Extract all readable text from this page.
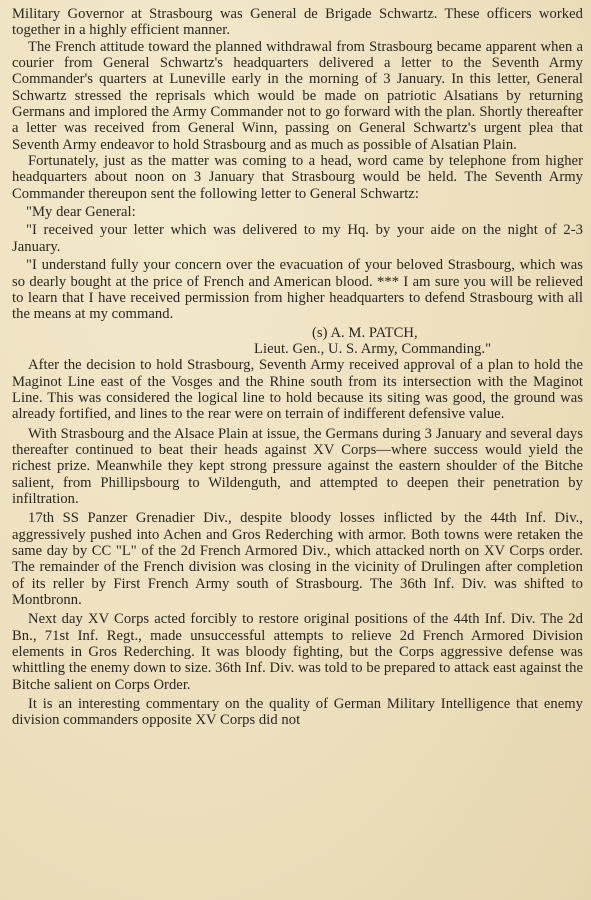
Military Governor at Strasbourg was General de Brigade Schwartz. These officers worked together in a highly efficient manner.

The French attitude toward the planned withdrawal from Strasbourg became apparent when a courier from General Schwartz's headquarters delivered a letter to the Seventh Army Commander's quarters at Luneville early in the morning of 3 January. In this letter, General Schwartz stressed the reprisals which would be made on patriotic Alsatians by returning Germans and implored the Army Commander not to go forward with the plan. Shortly thereafter a letter was received from General Winn, passing on General Schwartz's urgent plea that Seventh Army endeavor to hold Strasbourg and as much as possible of Alsatian Plain.

Fortunately, just as the matter was coming to a head, word came by telephone from higher headquarters about noon on 3 January that Strasbourg would be held. The Seventh Army Commander thereupon sent the following letter to General Schwartz:

"My dear General:

"I received your letter which was delivered to my Hq. by your aide on the night of 2-3 January.

"I understand fully your concern over the evacuation of your beloved Strasbourg, which was so dearly bought at the price of French and American blood. *** I am sure you will be relieved to learn that I have received permission from higher headquarters to defend Strasbourg with all the means at my command.

(s) A. M. PATCH,
Lieut. Gen., U. S. Army, Commanding."

After the decision to hold Strasbourg, Seventh Army received approval of a plan to hold the Maginot Line east of the Vosges and the Rhine south from its intersection with the Maginot Line. This was considered the logical line to hold because its siting was good, the ground was already fortified, and lines to the rear were on terrain of indifferent defensive value.

With Strasbourg and the Alsace Plain at issue, the Germans during 3 January and several days thereafter continued to beat their heads against XV Corps—where success would yield the richest prize. Meanwhile they kept strong pressure against the eastern shoulder of the Bitche salient, from Phillipsbourg to Wildenguth, and attempted to deepen their penetration by infiltration.

17th SS Panzer Grenadier Div., despite bloody losses inflicted by the 44th Inf. Div., aggressively pushed into Achen and Gros Rederching with armor. Both towns were retaken the same day by CC "L" of the 2d French Armored Div., which attacked north on XV Corps order. The remainder of the French division was closing in the vicinity of Drulingen after completion of its reller by First French Army south of Strasbourg. The 36th Inf. Div. was shifted to Montbronn.

Next day XV Corps acted forcibly to restore original positions of the 44th Inf. Div. The 2d Bn., 71st Inf. Regt., made unsuccessful attempts to relieve 2d French Armored Division elements in Gros Rederching. It was bloody fighting, but the Corps aggressive defense was whittling the enemy down to size. 36th Inf. Div. was told to be prepared to attack east against the Bitche salient on Corps Order.

It is an interesting commentary on the quality of German Military Intelligence that enemy division commanders opposite XV Corps did not
